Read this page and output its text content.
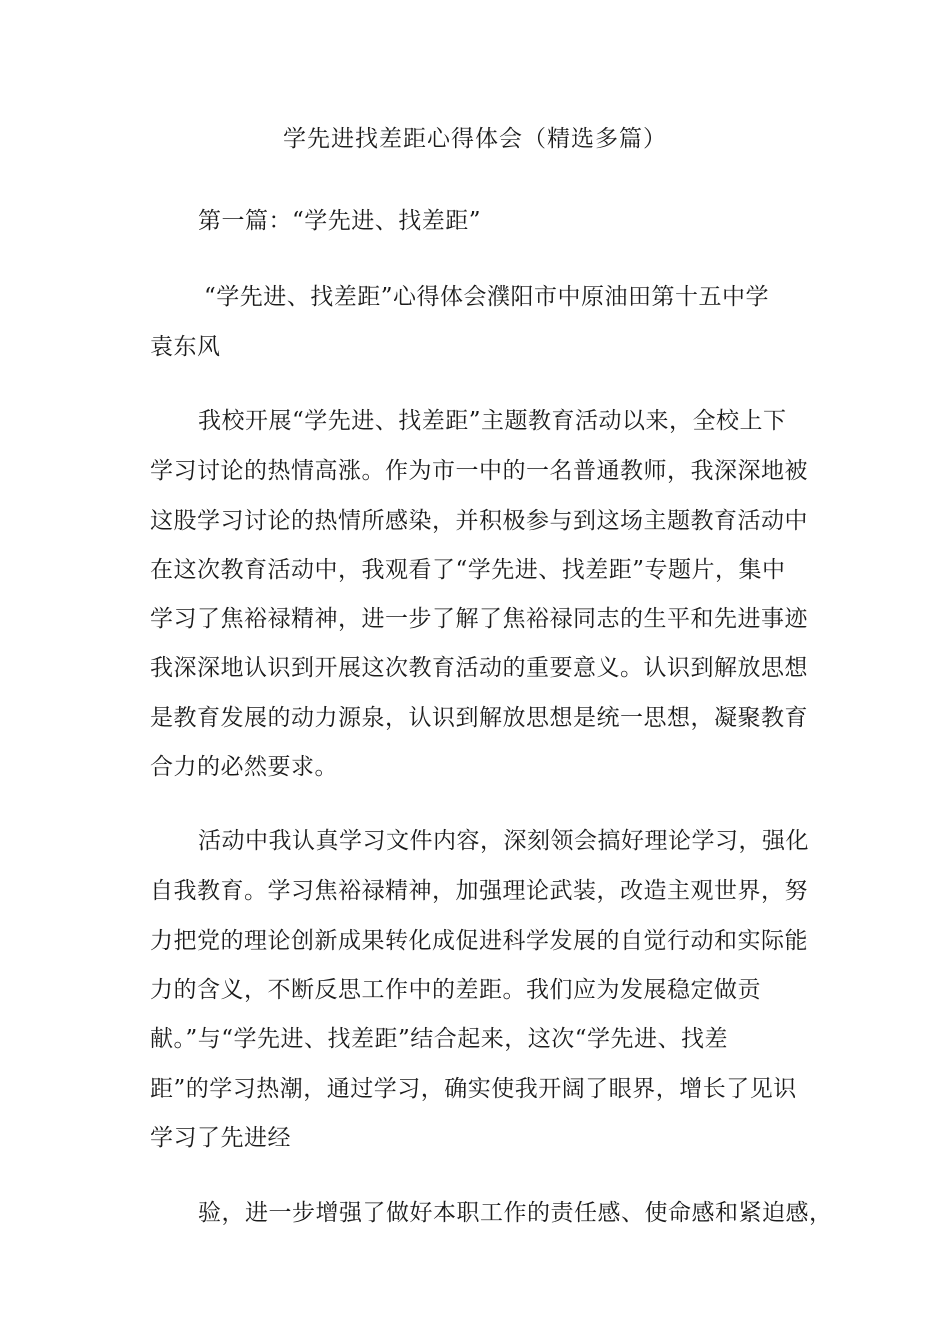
学先进找差距心得体会（精选多篇）
第一篇：“学先进、找差距”
“学先进、找差距”心得体会濮阳市中原油田第十五中学
袁东风
我校开展“学先进、找差距”主题教育活动以来，全校上下
学习讨论的热情高涨。作为市一中的一名普通教师，我深深地被
这股学习讨论的热情所感染，并积极参与到这场主题教育活动中
在这次教育活动中，我观看了“学先进、找差距”专题片，集中
学习了焦裕禄精神，进一步了解了焦裕禄同志的生平和先进事迹
我深深地认识到开展这次教育活动的重要意义。认识到解放思想
是教育发展的动力源泉，认识到解放思想是统一思想，凝聚教育
合力的必然要求。
活动中我认真学习文件内容，深刻领会搞好理论学习，强化
自我教育。学习焦裕禄精神，加强理论武装，改造主观世界，努
力把党的理论创新成果转化成促进科学发展的自觉行动和实际能
力的含义，不断反思工作中的差距。我们应为发展稳定做贡
献。”与“学先进、找差距”结合起来，这次“学先进、找差
距”的学习热潮，通过学习，确实使我开阔了眼界，增长了见识
学习了先进经
验，进一步增强了做好本职工作的责任感、使命感和紧迫感，
